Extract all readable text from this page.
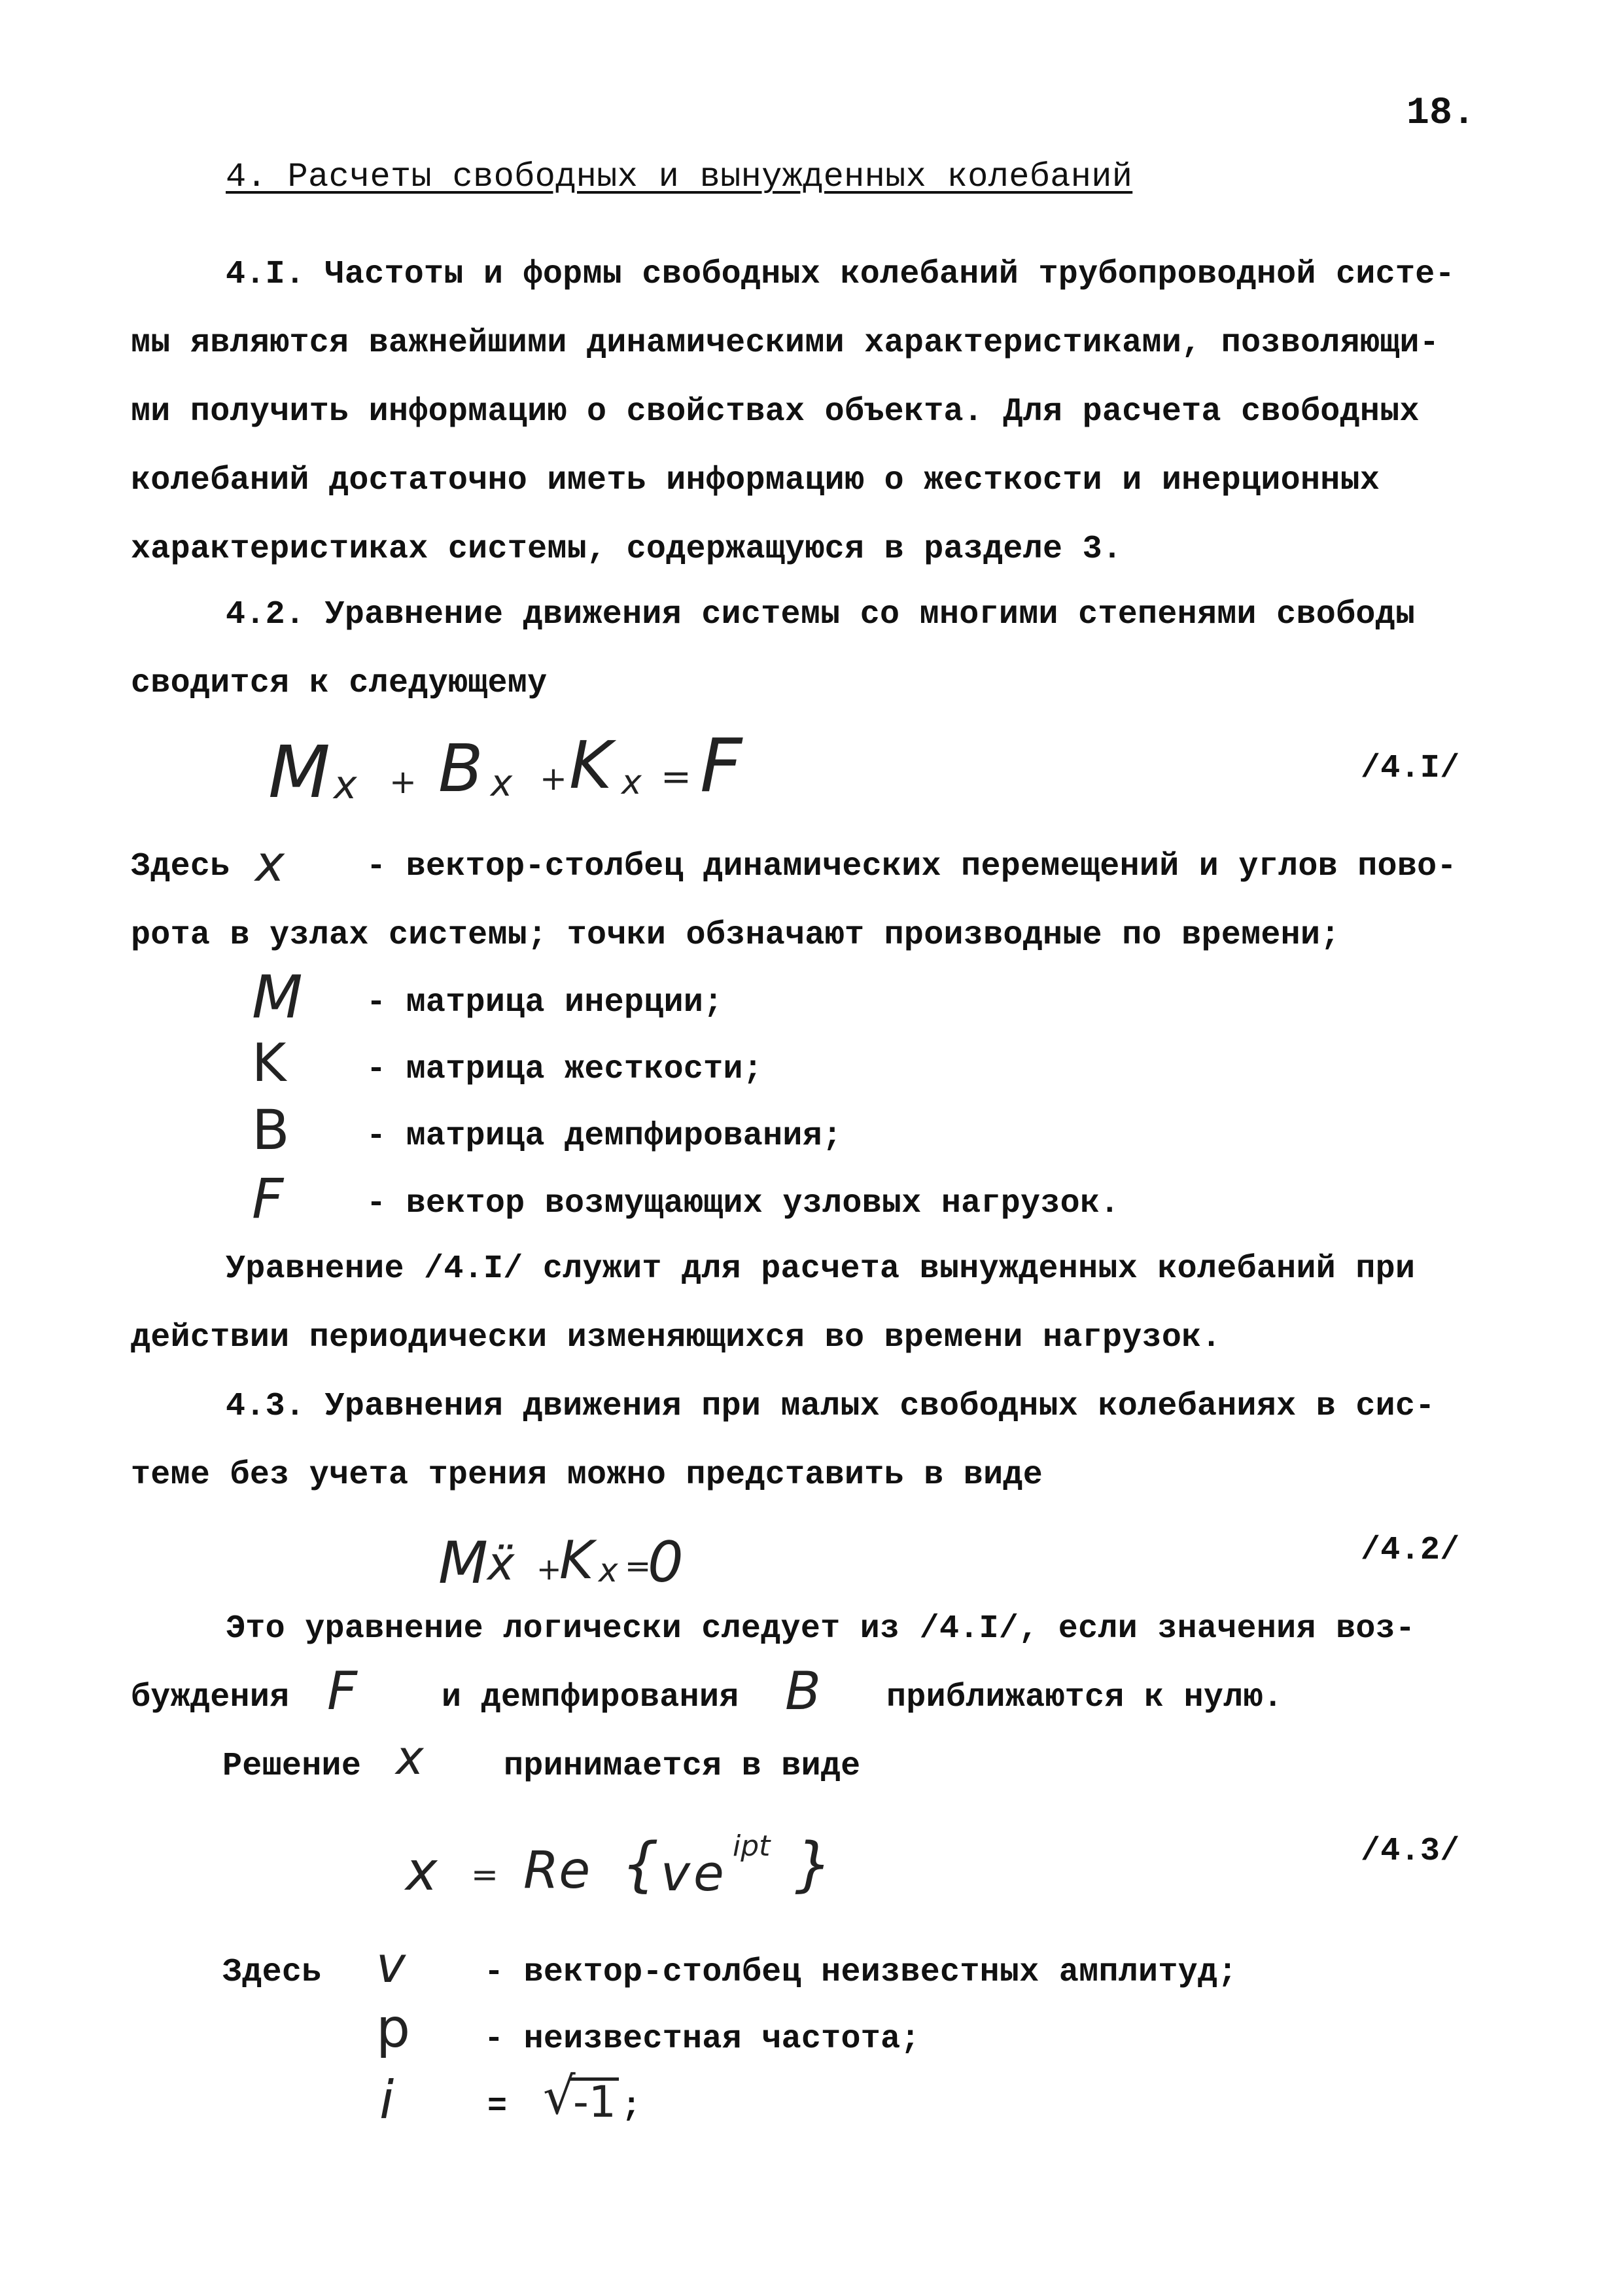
18.
4. Расчеты свободных и вынужденных колебаний
4.I. Частоты и формы свободных колебаний трубопроводной систе-
мы являются важнейшими динамическими характеристиками, позволяющи-
ми получить информацию о свойствах объекта. Для расчета свободных
колебаний достаточно иметь информацию о жесткости и инерционных
характеристиках системы, содержащуюся в разделе 3.
4.2. Уравнение движения системы со многими степенями свободы
сводится к следующему
M x + B x + K x = F	/4.I/
Здесь x	- вектор-столбец динамических перемещений и углов пово-
рота в узлах системы; точки обзначают производные по времени;
M - матрица инерции;
K - матрица жесткости;
B - матрица демпфирования;
F	- вектор возмущающих узловых нагрузок.
Уравнение /4.I/ служит для расчета вынужденных колебаний при
действии периодически изменяющихся во времени нагрузок.
4.3. Уравнения движения при малых свободных колебаниях в сис-
теме без учета трения можно представить в виде
M ẍ +
K x =
0	/4.2/
Это уравнение логически следует из /4.I/, если значения воз-
буждения F	и демпфирования B приближаются к нулю.
Решение x принимается в виде
x = Re { v e ipt }	/4.3/
Здесь v - вектор-столбец неизвестных амплитуд;
p - неизвестная частота;
i	= √
-1 ;
